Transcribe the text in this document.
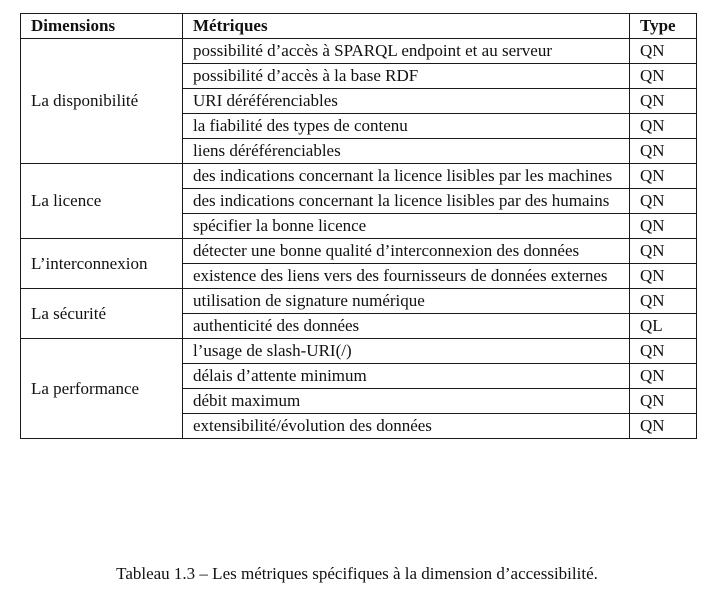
Dimensions	Métriques	Type
La disponibilité	possibilité d’accès à SPARQL endpoint et au serveur	QN
	possibilité d’accès à la base RDF	QN
	URI déréférenciables	QN
	la fiabilité des types de contenu	QN
	liens déréférenciables	QN
La licence	des indications concernant la licence lisibles par les machines	QN
	des indications concernant la licence lisibles par des humains	QN
	spécifier la bonne licence	QN
L’interconnexion	détecter une bonne qualité d’interconnexion des données	QN
	existence des liens vers des fournisseurs de données externes	QN
La sécurité	utilisation de signature numérique	QN
	authenticité des données	QL
La performance	l’usage de slash-URI(/)	QN
	délais d’attente minimum	QN
	débit maximum	QN
	extensibilité/évolution des données	QN
Tableau 1.3 – Les métriques spécifiques à la dimension d’accessibilité.
